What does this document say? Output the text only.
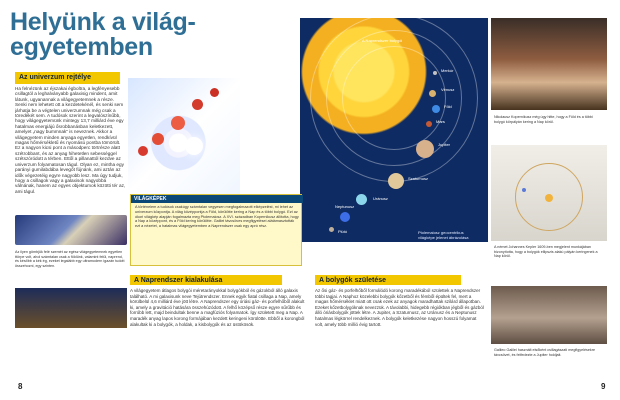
Helyünk a világ-egyetemben
Az univerzum rejtélye
Ha felnézünk az éjszakai égboltra, a legfényesebb csillagtól a leghalványabb galaxisig mindent, amit látunk, ugyanannak a világegyetemnek a része. Senki nem lehetett ott a kezdetekénél, és senki sem járhatja be a végtelen univerzumnak még csak a töredékét sem. A tudósok szerint a legvalószínűbb, hogy világegyetemünk mintegy 13,7 milliárd éve egy hatalmas energiájú ősrobbanásban keletkezett, amelyet „nagy bummnak” is neveznek. Akkor a világegyetem minden anyaga egyetlen, rendkívül magas hőmérsékletű és nyomású pontba tömörült. Ez a nagyon kicsi pont a másodperc törtrésze alatt szétrobbant, és az anyag hihetetlen sebességgel szétszóródott a térben. Ettől a pillanattól kezdve az univerzum folyamatosan tágul. Olyan ez, mintha egy parányi gumilabdába levegőt fújnánk, ami aztán az idők végezetéig egyre nagyobb lesz. Ma úgy tudjuk, hogy a csillagok vagy a galaxisok nagyobbá válnának, hanem az egyes objektumok közötti tér az, ami tágul.
Az ilyen gömbjük felé szemét az egész világegyetemnek egyetlen ttörpe volt, ahol számtalan csak a földünk, valamint felül, naprend, és később a kék ég, ezeket legalább egy ultramodern igazán tudott összehozni, egy szinten.
A Naprendszer bolygói
Merkúr
Vénusz
Föld
Mars
Jupiter
Szaturnusz
Uránusz
Neptunusz
Plútó	Ptolemaiosz geocentrikus világképe jelenet ábrázolása
VILÁGKÉPEK
A történelem a tudósok csakúgy számtalan vegyesen megfogalmazott elképzelést, mi lehet az univerzum központja. A világ középpontja a Föld, körülötte kering a Nap és a többi bolygó. Ezt az ókori világkép alapján fogalmazta meg Ptolemaiosz. A XVI. században Kopernikusz állította, hogy a Nap a középpont, és a Föld kering körülötte. Galilei távcsöves megfigyelései alátámasztották ezt a nézetet, a hatalmas világegyetemben a Naprendszer csak egy apró rész.
Nikolausz Kopernikusz még úgy hitte, hogy a Föld és a többi bolygó körpályán kering a Nap körül.
A német Johannes Kepler 1609-ben megjelent munkájában bizonyította, hogy a bolygók ellipszis alakú pályán keringenek a Nap körül.
Galileo Galilei használt elsőként csillagászati megfigyelésekre távcsövet, és felfedezte a Jupiter holdjait.
A Naprendszer kialakulása
A világegyetem átlagos bolygói méretarányokkal bolygókból és gázokból álló galaxis található. A mi galaxisunk neve Tejútrendszer. Ennek egyik fiatal csillaga a Nap, amely körülbelül 4,6 milliárd éve jött létre. A Naprendszer egy óriási gáz- és porfelhőből alakult ki, amely a gravitáció hatására összehúzódott. A felhő középső része egyre sűrűbb és forróbb lett, majd beindultak benne a magfúziós folyamatok. Így született meg a Nap. A maradék anyag lapos korong formájában kezdett keringeni körülötte. Ebből a korongból alakultak ki a bolygók, a holdak, a kisbolygók és az üstökösök.
A bolygók születése
Az ősi gáz- és porfelhőből formálódó korong maradékából születtek a Naprendszer többi tagjai. A Naphoz közelebbi bolygók kőzetből és fémből épültek fel, mert a magas hőmérséklet miatt ott csak ezek az anyagok maradhattak szilárd állapotban. Ezeket kőzetbolygóknak nevezzük. A távolabbi, hidegebb régiókban jégből és gázból álló óriásbolygók jöttek létre. A Jupiter, a Szaturnusz, az Uránusz és a Neptunusz hatalmas légkörrel rendelkeznek. A bolygók keletkezése nagyon hosszú folyamat volt, amely több millió évig tartott.
8	9
